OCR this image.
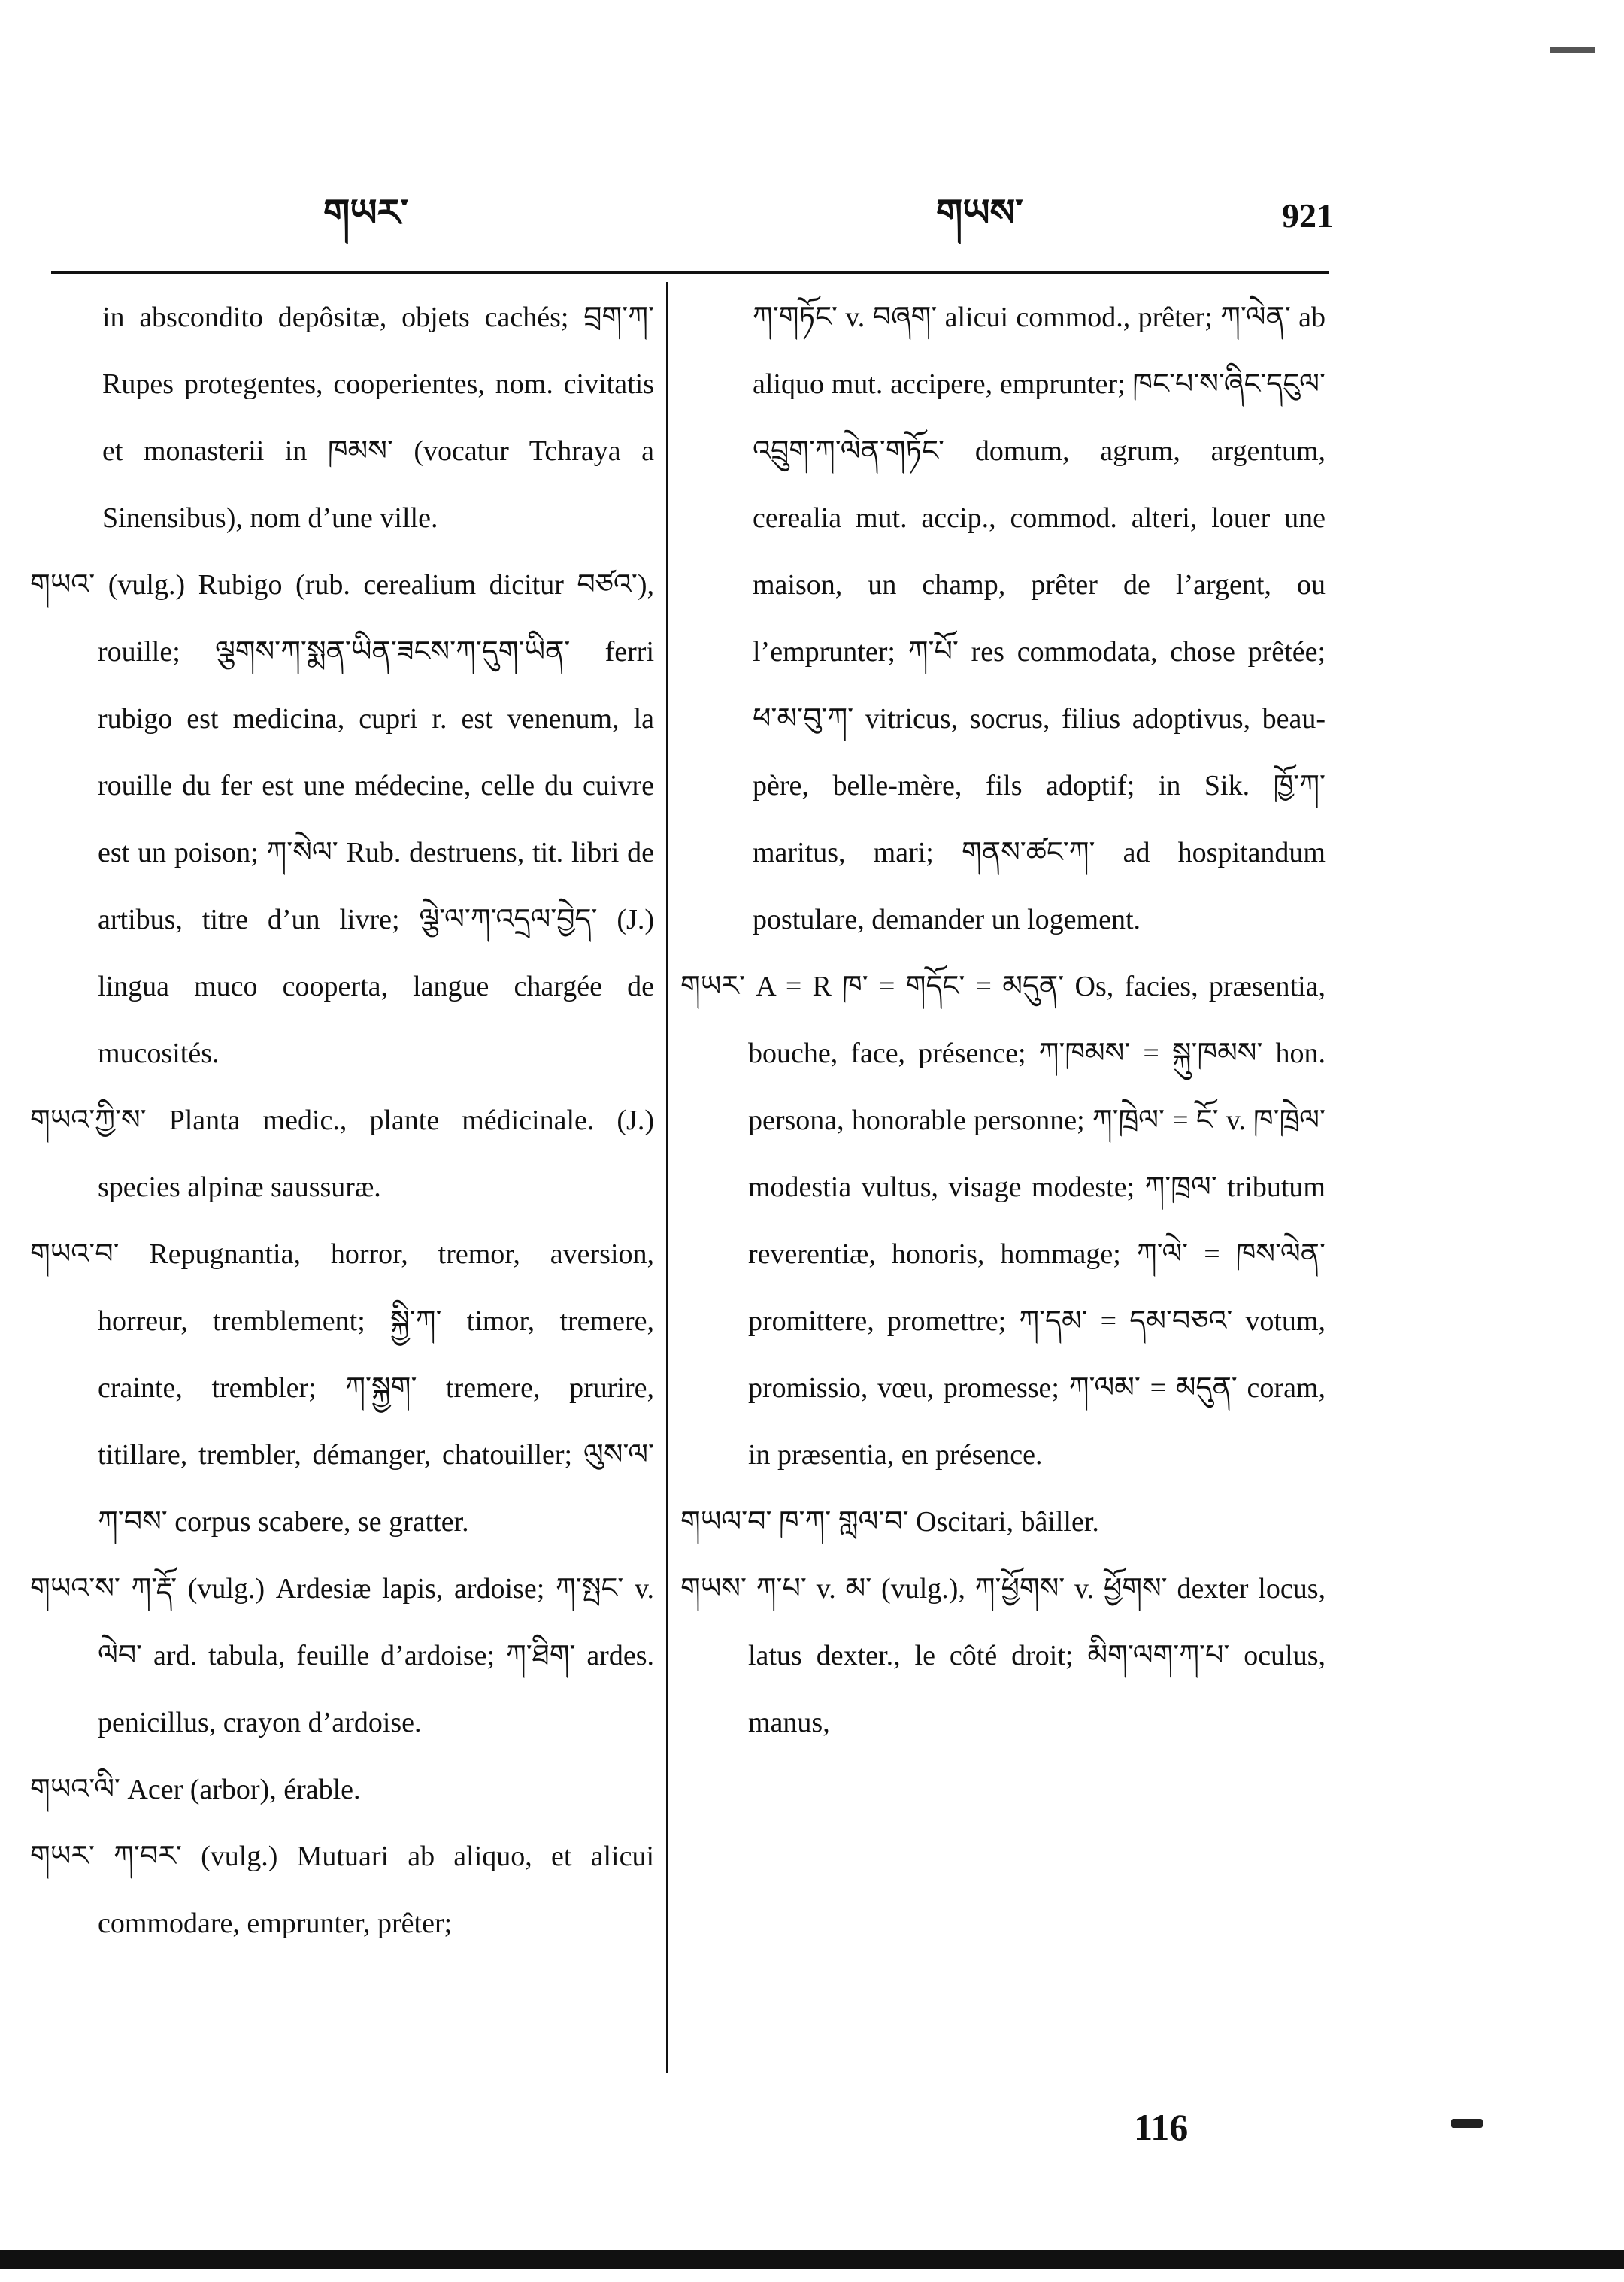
གཡར་	གཡས་	921

in abscondito depôsitæ, objets cachés; བྲག་ཀ་ Rupes protegentes, cooperientes, nom. civitatis et monasterii in ཁམས་ (vocatur Tchraya a Sinensibus), nom d’une ville.

གཡའ་ (vulg.) Rubigo (rub. cerealium dicitur བཙའ་), rouille; ལྕགས་ཀ་སྨན་ཡིན་ཟངས་ཀ་དུག་ཡིན་ ferri rubigo est medicina, cupri r. est venenum, la rouille du fer est une médecine, celle du cuivre est un poison; ཀ་སེལ་ Rub. destruens, tit. libri de artibus, titre d’un livre; ལྕེ་ལ་ཀ་འདྲལ་བྱེད་ (J.) lingua muco cooperta, langue chargée de mucosités.

གཡའ་ཀྱི་ས་ Planta medic., plante médicinale. (J.) species alpinæ saussuræ.

གཡའ་བ་ Repugnantia, horror, tremor, aversion, horreur, tremblement; སྐྱི་ཀ་ timor, tremere, crainte, trembler; ཀ་སྐྱག་ tremere, prurire, titillare, trembler, démanger, chatouiller; ལུས་ལ་ཀ་བས་ corpus scabere, se gratter.

གཡའ་ས་ ཀ་རྡོ་ (vulg.) Ardesiæ lapis, ardoise; ཀ་སྤང་ v. ལེབ་ ard. tabula, feuille d’ardoise; ཀ་ཐིག་ ardes. penicillus, crayon d’ardoise.

གཡའ་ལི་ Acer (arbor), érable.

གཡར་ ཀ་བར་ (vulg.) Mutuari ab aliquo, et alicui commodare, emprunter, prêter;

ཀ་གཏོང་ v. བཞག་ alicui commod., prêter; ཀ་ལེན་ ab aliquo mut. accipere, emprunter; ཁང་པ་ས་ཞིང་དངུལ་འབྲུག་ཀ་ལེན་གཏོང་ domum, agrum, argentum, cerealia mut. accip., commod. alteri, louer une maison, un champ, prêter de l’argent, ou l’emprunter; ཀ་པོ་ res commodata, chose prêtée; ཕ་མ་བུ་ཀ་ vitricus, socrus, filius adoptivus, beau-père, belle-mère, fils adoptif; in Sik. ཁྱོ་ཀ་ maritus, mari; གནས་ཚང་ཀ་ ad hospitandum postulare, demander un logement.

གཡར་ A = R ཁ་ = གདོང་ = མདུན་ Os, facies, præsentia, bouche, face, présence; ཀ་ཁམས་ = སྐུ་ཁམས་ hon. persona, honorable personne; ཀ་ཁྲེལ་ = ངོ་ v. ཁ་ཁྲེལ་ modestia vultus, visage modeste; ཀ་ཁྲལ་ tributum reverentiæ, honoris, hommage; ཀ་ལེ་ = ཁས་ལེན་ promittere, promettre; ཀ་དམ་ = དམ་བཅའ་ votum, promissio, vœu, promesse; ཀ་ལམ་ = མདུན་ coram, in præsentia, en présence.

གཡལ་བ་ ཁ་ཀ་ གླལ་བ་ Oscitari, bâiller.

གཡས་ ཀ་པ་ v. མ་ (vulg.), ཀ་ཕྱོགས་ v. ཕྱོགས་ dexter locus, latus dexter., le côté droit; མིག་ལག་ཀ་པ་ oculus, manus,

116
